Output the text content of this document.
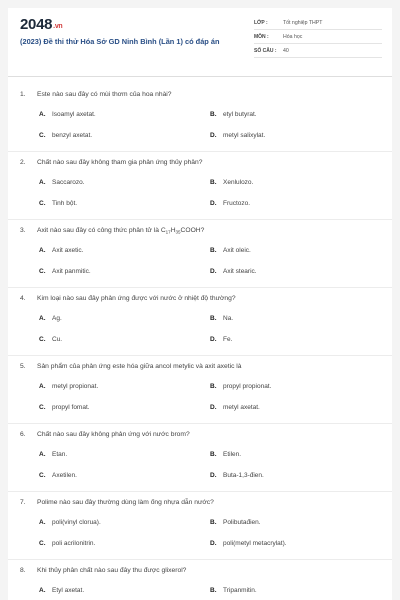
2048.vn
(2023) Đề thi thử Hóa Sở GD Ninh Bình (Lần 1) có đáp án
LỚP :	Tốt nghiệp THPT
MÔN :	Hóa học
SỐ CÂU :	40
1. Este nào sau đây có mùi thơm của hoa nhài?
A. Isoamyl axetat.	B. etyl butyrat.
C. benzyl axetat.	D. metyl salixylat.
2. Chất nào sau đây không tham gia phản ứng thủy phân?
A. Saccarozo.	B. Xenlulozo.
C. Tinh bột.	D. Fructozo.
3. Axit nào sau đây có công thức phân tử là $C_{17}H_{35}COOH$?
A. Axit axetic.	B. Axit oleic.
C. Axit panmitic.	D. Axit stearic.
4. Kim loại nào sau đây phản ứng được với nước ở nhiệt độ thường?
A. Ag.	B. Na.
C. Cu.	D. Fe.
5. Sản phẩm của phản ứng este hóa giữa ancol metylic và axit axetic là
A. metyl propionat.	B. propyl propionat.
C. propyl fomat.	D. metyl axetat.
6. Chất nào sau đây không phản ứng với nước brom?
A. Etan.	B. Etilen.
C. Axetilen.	D. Buta-1,3-đien.
7. Polime nào sau đây thường dùng làm ống nhựa dẫn nước?
A. poli(vinyl clorua).	B. Polibutađien.
C. poli acrilonitrin.	D. poli(metyl metacrylat).
8. Khi thủy phân chất nào sau đây thu được glixerol?
A. Etyl axetat.	B. Tripanmitin.
